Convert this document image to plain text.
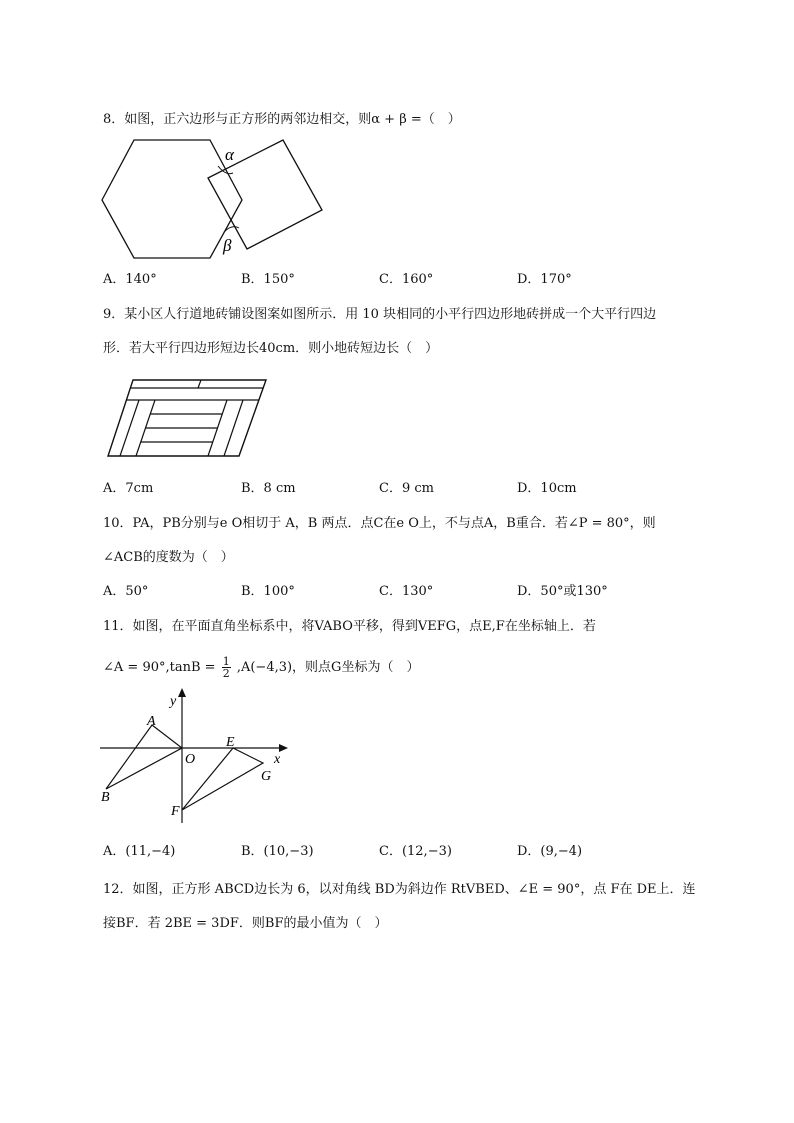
8．如图，正六边形与正方形的两邻边相交，则α + β =（　）
α
β
A．140°	B．150°	C．160°	D．170°
9．某小区人行道地砖铺设图案如图所示．用 10 块相同的小平行四边形地砖拼成一个大平行四边
形．若大平行四边形短边长40cm．则小地砖短边长（　）
A．7cm	B．8 cm	C．9 cm	D．10cm
10．PA，PB分别与e O相切于 A，B 两点．点C在e O上，不与点A，B重合．若∠P = 80°，则
∠ACB的度数为（　）
A．50°	B．100°	C．130°	D．50°或130°
11．如图，在平面直角坐标系中，将VABO平移，得到VEFG，点E,F在坐标轴上．若
∠A = $90^\circ,\tan B = \frac{1}{2} ,A(-4,3)$，则点G坐标为（　）
y
x
A
O
E
G
B
F
A．(11,−4)	B．(10,−3)	C．(12,−3)	D．(9,−4)
12．如图，正方形 ABCD边长为 6，以对角线 BD为斜边作 RtVBED、∠E = 90°，点 F在 DE上．连
接BF．若 2BE = 3DF．则BF的最小值为（　）
